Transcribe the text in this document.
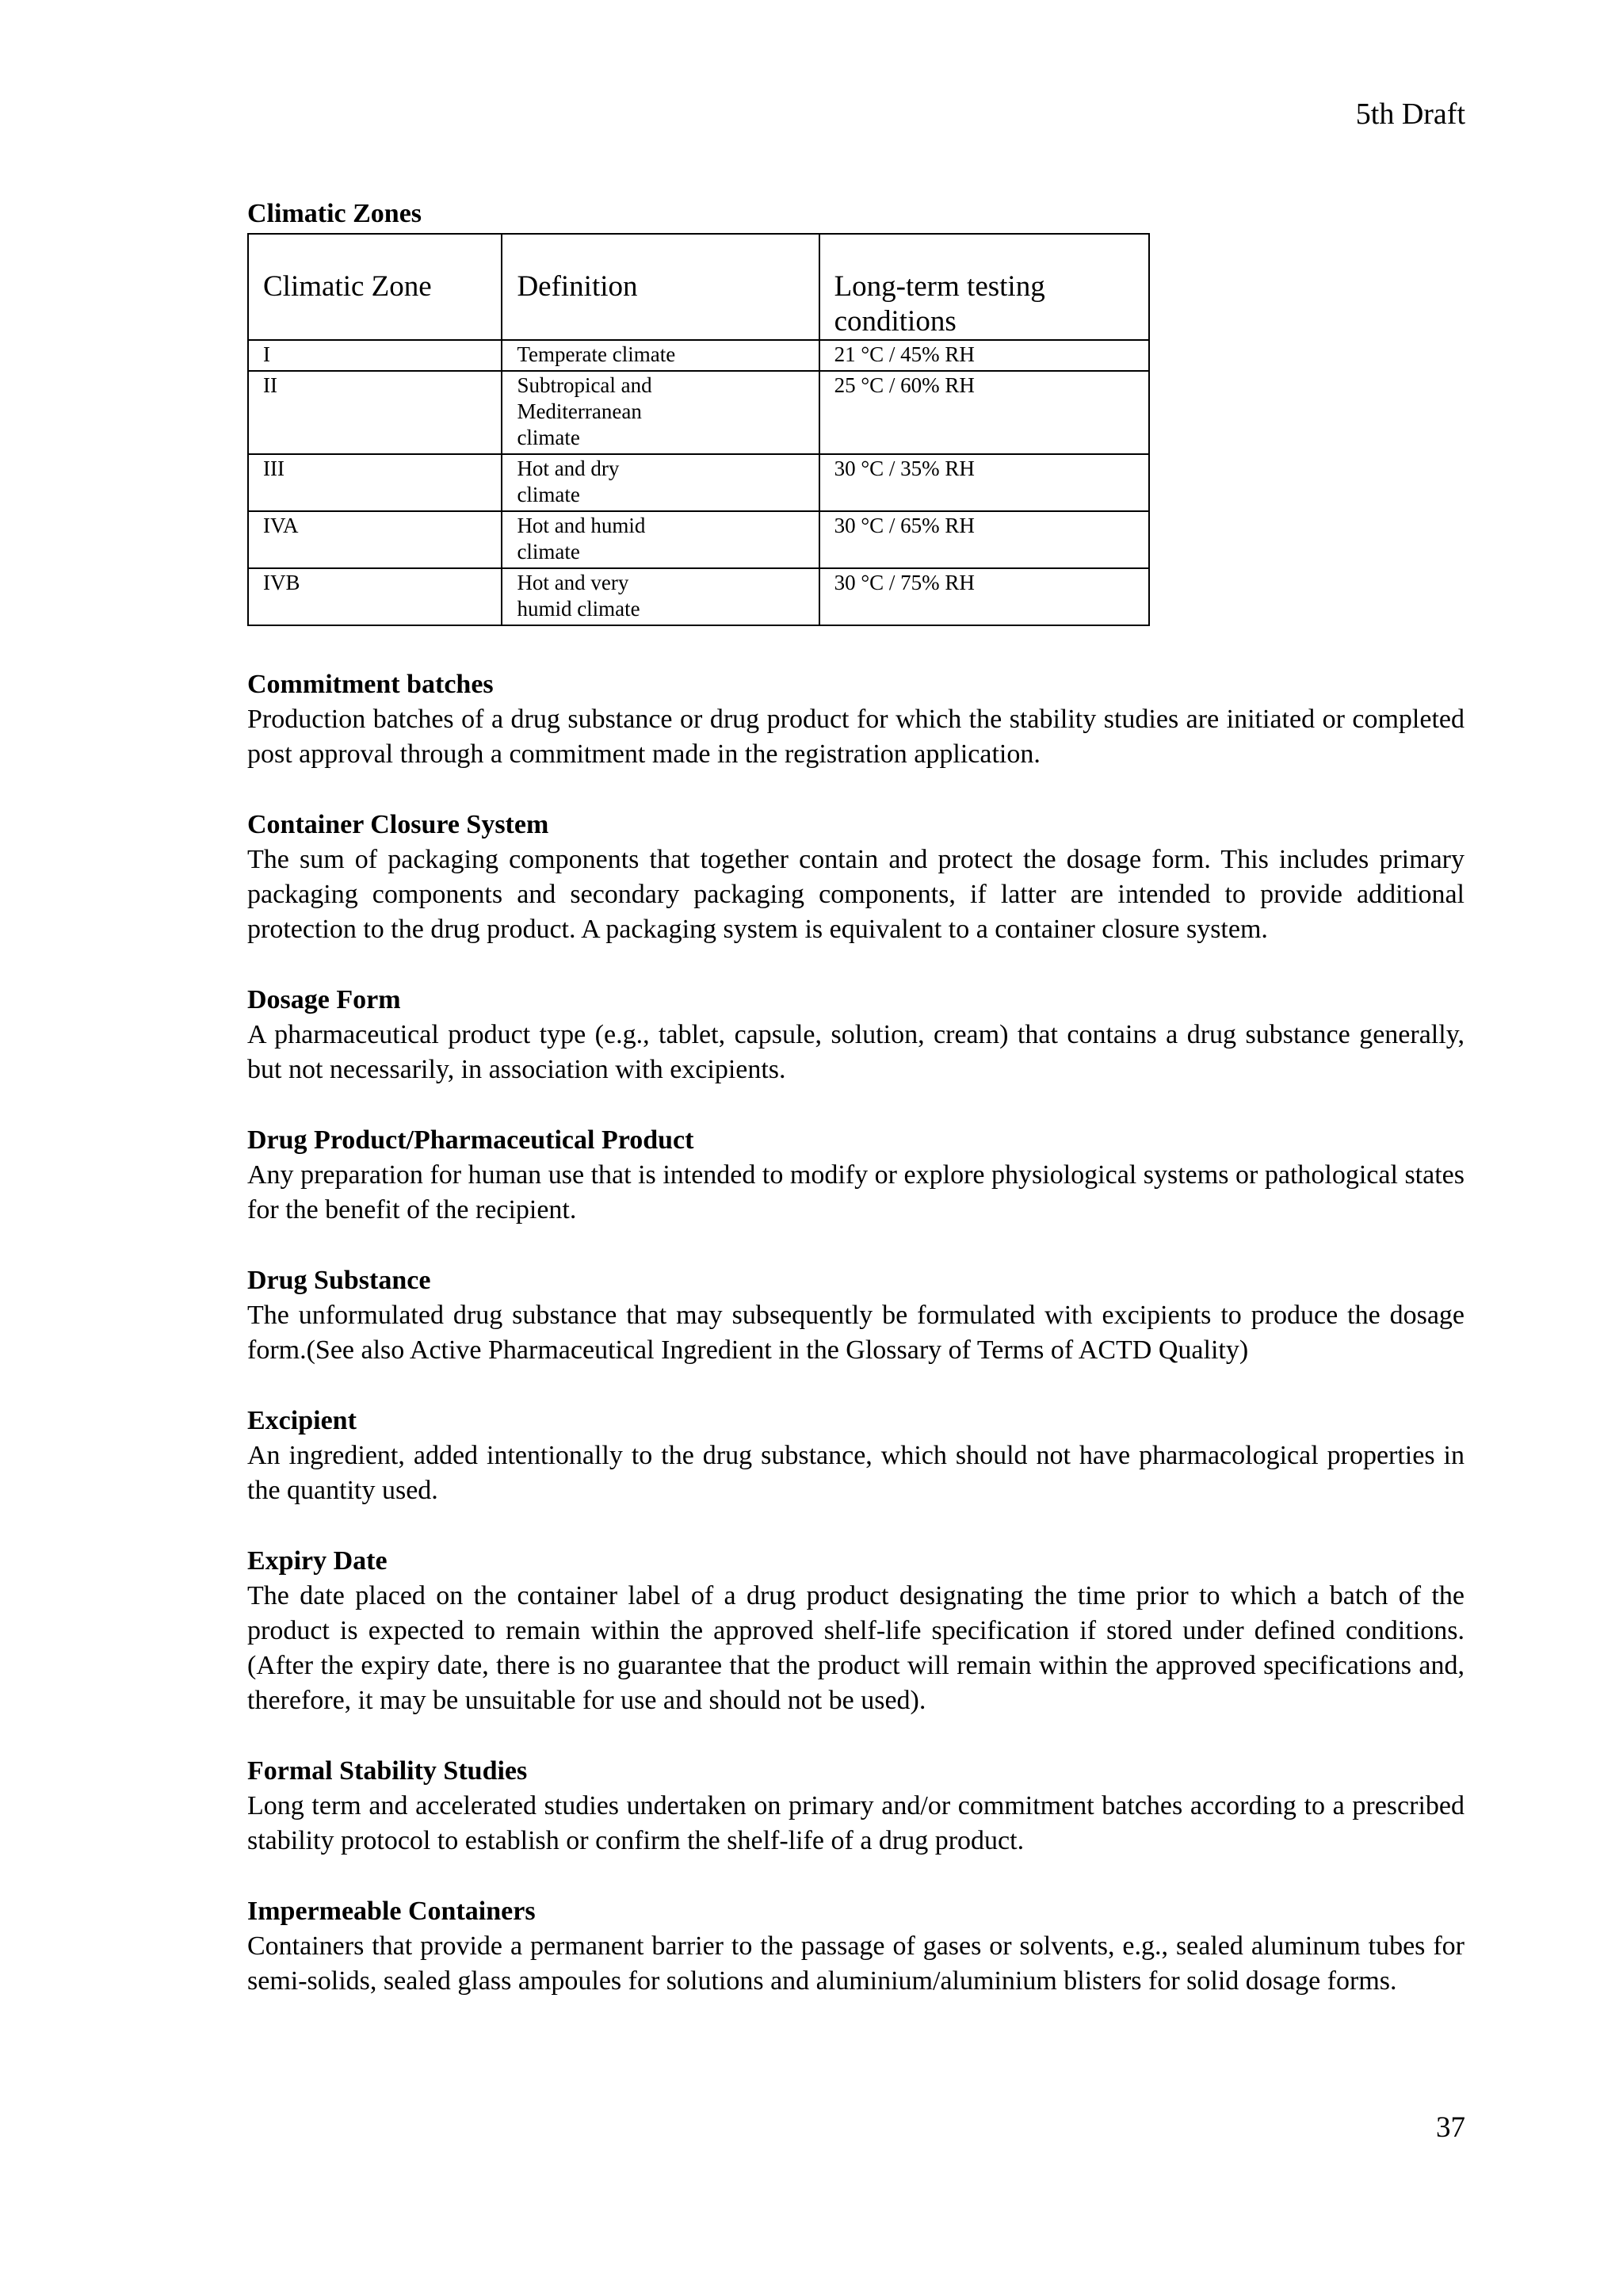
5th Draft

Climatic Zones

Climatic Zone	Definition	Long-term testing conditions
I	Temperate climate	21 °C / 45% RH
II	Subtropical and Mediterranean climate	25 °C / 60% RH
III	Hot and dry climate	30 °C / 35% RH
IVA	Hot and humid climate	30 °C / 65% RH
IVB	Hot and very humid climate	30 °C / 75% RH

Commitment batches

Production batches of a drug substance or drug product for which the stability studies are initiated or completed post approval through a commitment made in the registration application.

Container Closure System

The sum of packaging components that together contain and protect the dosage form. This includes primary packaging components and secondary packaging components, if latter are intended to provide additional protection to the drug product. A packaging system is equivalent to a container closure system.

Dosage Form

A pharmaceutical product type (e.g., tablet, capsule, solution, cream) that contains a drug substance generally, but not necessarily, in association with excipients.

Drug Product/Pharmaceutical Product

Any preparation for human use that is intended to modify or explore physiological systems or pathological states for the benefit of the recipient.

Drug Substance

The unformulated drug substance that may subsequently be formulated with excipients to produce the dosage form.(See also Active Pharmaceutical Ingredient in the Glossary of Terms of ACTD Quality)

Excipient

An ingredient, added intentionally to the drug substance, which should not have pharmacological properties in the quantity used.

Expiry Date

The date placed on the container label of a drug product designating the time prior to which a batch of the product is expected to remain within the approved shelf-life specification if stored under defined conditions. (After the expiry date, there is no guarantee that the product will remain within the approved specifications and, therefore, it may be unsuitable for use and should not be used).

Formal Stability Studies

Long term and accelerated studies undertaken on primary and/or commitment batches according to a prescribed stability protocol to establish or confirm the shelf-life of a drug product.

Impermeable Containers

Containers that provide a permanent barrier to the passage of gases or solvents, e.g., sealed aluminum tubes for semi-solids, sealed glass ampoules for solutions and aluminium/aluminium blisters for solid dosage forms.

37
